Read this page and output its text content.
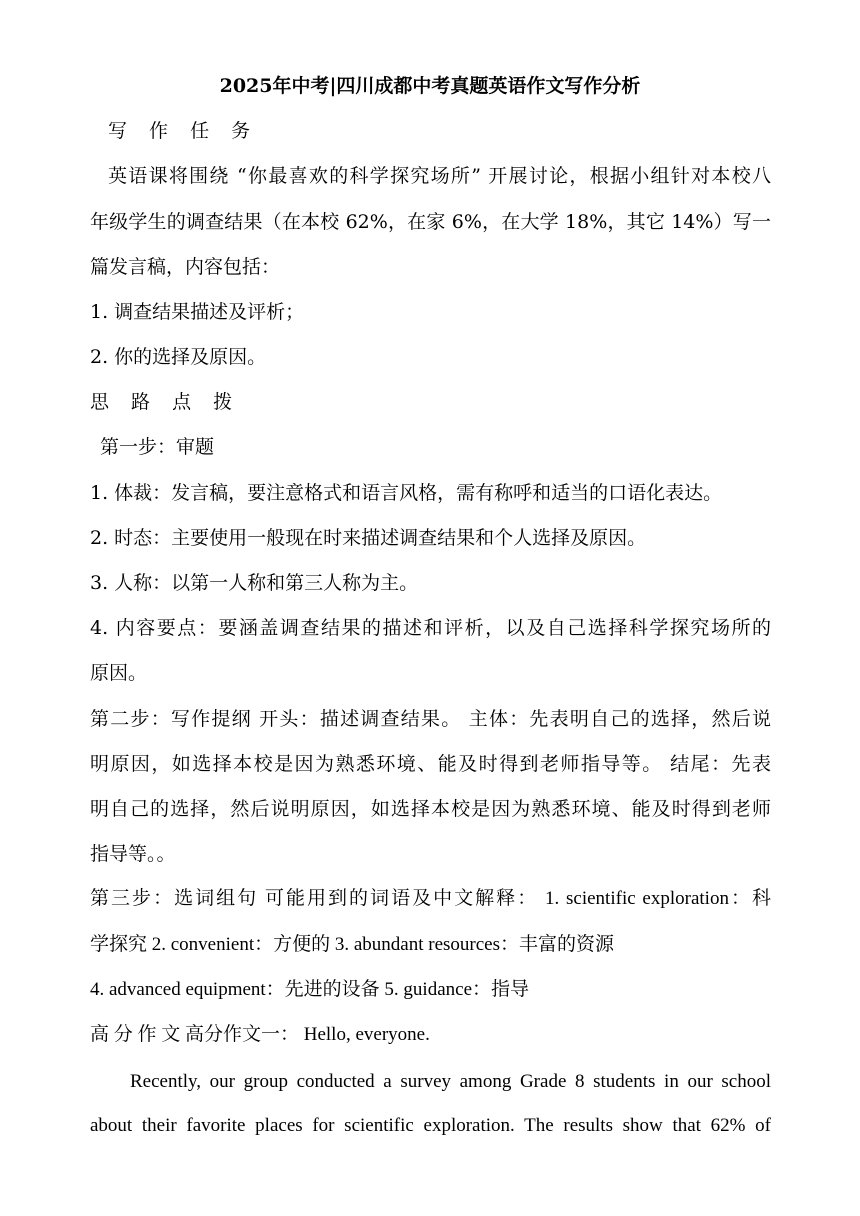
2025年中考|四川成都中考真题英语作文写作分析
写 作 任 务
英语课将围绕 “你最喜欢的科学探究场所” 开展讨论，根据小组针对本校八
年级学生的调查结果（在本校 62%，在家 6%，在大学 18%，其它 14%）写一
篇发言稿，内容包括：
1. 调查结果描述及评析；
2. 你的选择及原因。
思 路 点 拨
第一步：审题
1. 体裁：发言稿，要注意格式和语言风格，需有称呼和适当的口语化表达。
2. 时态：主要使用一般现在时来描述调查结果和个人选择及原因。
3. 人称：以第一人称和第三人称为主。
4. 内容要点：要涵盖调查结果的描述和评析，以及自己选择科学探究场所的
原因。
第二步：写作提纲 开头：描述调查结果。 主体：先表明自己的选择，然后说
明原因，如选择本校是因为熟悉环境、能及时得到老师指导等。 结尾：先表
明自己的选择，然后说明原因，如选择本校是因为熟悉环境、能及时得到老师
指导等。。
第三步：选词组句 可能用到的词语及中文解释： 1. scientific exploration：科
学探究 2. convenient：方便的 3. abundant resources：丰富的资源
4. advanced equipment：先进的设备 5. guidance：指导
高 分 作 文 高分作文一： Hello, everyone.
Recently, our group conducted a survey among Grade 8 students in our school
about their favorite places for scientific exploration. The results show that 62% of
